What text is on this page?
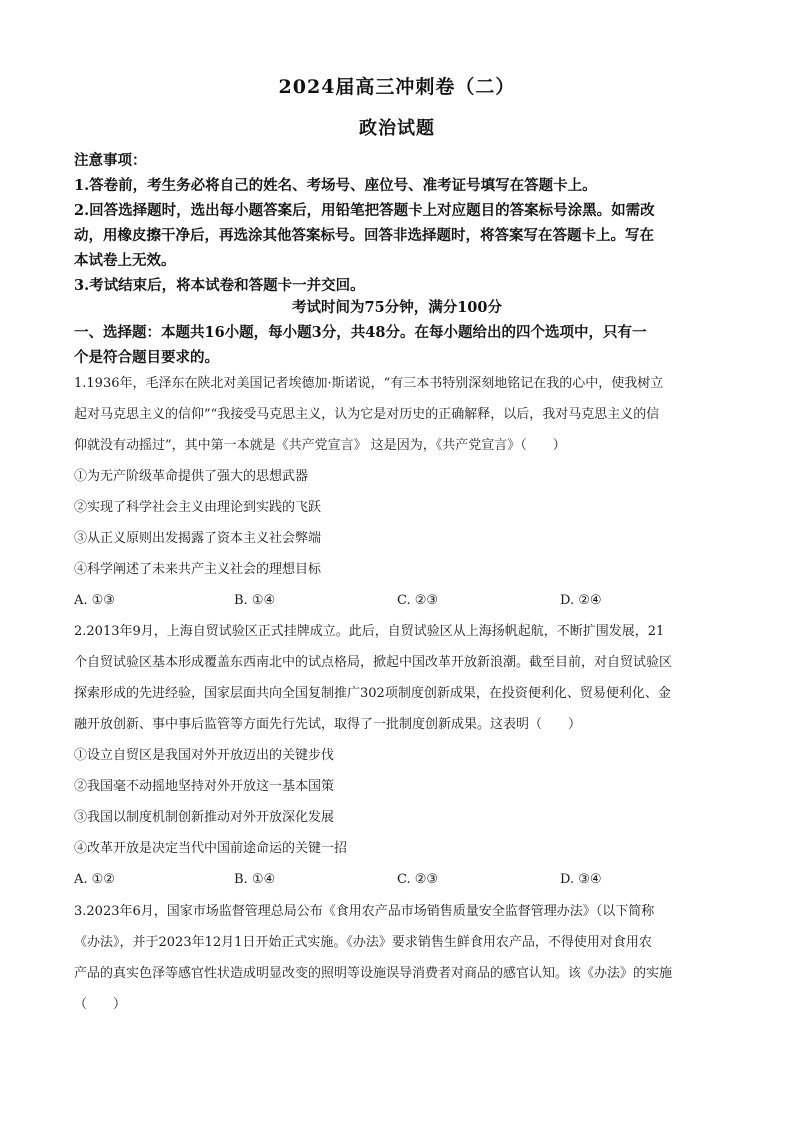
2024届高三冲刺卷（二）
政治试题
注意事项：
1.答卷前，考生务必将自己的姓名、考场号、座位号、准考证号填写在答题卡上。
2.回答选择题时，选出每小题答案后，用铅笔把答题卡上对应题目的答案标号涂黑。如需改
动，用橡皮擦干净后，再选涂其他答案标号。回答非选择题时，将答案写在答题卡上。写在
本试卷上无效。
3.考试结束后，将本试卷和答题卡一并交回。
考试时间为75分钟，满分100分
一、选择题：本题共16小题，每小题3分，共48分。在每小题给出的四个选项中，只有一
个是符合题目要求的。
1.1936年，毛泽东在陕北对美国记者埃德加·斯诺说，“有三本书特别深刻地铭记在我的心中，使我树立
起对马克思主义的信仰”“我接受马克思主义，认为它是对历史的正确解释，以后，我对马克思主义的信
仰就没有动摇过”，其中第一本就是《共产党宣言》 这是因为，《共产党宣言》（　　）
①为无产阶级革命提供了强大的思想武器
②实现了科学社会主义由理论到实践的飞跃
③从正义原则出发揭露了资本主义社会弊端
④科学阐述了未来共产主义社会的理想目标
A. ①③	B. ①④	C. ②③	D. ②④
2.2013年9月，上海自贸试验区正式挂牌成立。此后，自贸试验区从上海扬帆起航，不断扩围发展，21
个自贸试验区基本形成覆盖东西南北中的试点格局，掀起中国改革开放新浪潮。截至目前，对自贸试验区
探索形成的先进经验，国家层面共向全国复制推广302项制度创新成果，在投资便利化、贸易便利化、金
融开放创新、事中事后监管等方面先行先试，取得了一批制度创新成果。这表明（　　）
①设立自贸区是我国对外开放迈出的关键步伐
②我国毫不动摇地坚持对外开放这一基本国策
③我国以制度机制创新推动对外开放深化发展
④改革开放是决定当代中国前途命运的关键一招
A. ①②	B. ①④	C. ②③	D. ③④
3.2023年6月，国家市场监督管理总局公布《食用农产品市场销售质量安全监督管理办法》（以下简称
《办法》，并于2023年12月1日开始正式实施。《办法》要求销售生鲜食用农产品，不得使用对食用农
产品的真实色泽等感官性状造成明显改变的照明等设施误导消费者对商品的感官认知。该《办法》的实施
（　　）
